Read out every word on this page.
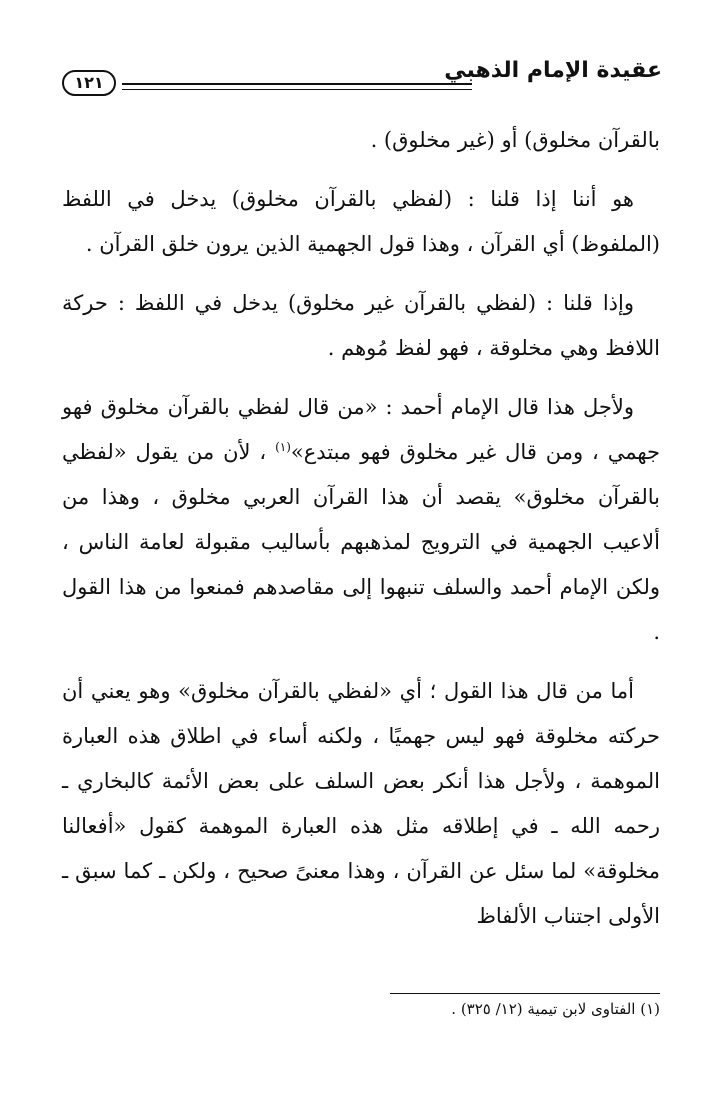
عقيدة الإمام الذهبي
١٢١

بالقرآن مخلوق) أو (غير مخلوق) .

هو أننا إذا قلنا : (لفظي بالقرآن مخلوق) يدخل في اللفظ (الملفوظ) أي القرآن ، وهذا قول الجهمية الذين يرون خلق القرآن .

وإذا قلنا : (لفظي بالقرآن غير مخلوق) يدخل في اللفظ : حركة اللافظ وهي مخلوقة ، فهو لفظ مُوهم .

ولأجل هذا قال الإمام أحمد : «من قال لفظي بالقرآن مخلوق فهو جهمي ، ومن قال غير مخلوق فهو مبتدع»$^{(١)}$ ، لأن من يقول «لفظي بالقرآن مخلوق» يقصد أن هذا القرآن العربي مخلوق ، وهذا من ألاعيب الجهمية في الترويج لمذهبهم بأساليب مقبولة لعامة الناس ، ولكن الإمام أحمد والسلف تنبهوا إلى مقاصدهم فمنعوا من هذا القول .

أما من قال هذا القول ؛ أي «لفظي بالقرآن مخلوق» وهو يعني أن حركته مخلوقة فهو ليس جهميًا ، ولكنه أساء في اطلاق هذه العبارة الموهمة ، ولأجل هذا أنكر بعض السلف على بعض الأئمة كالبخاري ـ رحمه الله ـ في إطلاقه مثل هذه العبارة الموهمة كقول «أفعالنا مخلوقة» لما سئل عن القرآن ، وهذا معنىً صحيح ، ولكن ـ كما سبق ـ الأولى اجتناب الألفاظ

(١) الفتاوى لابن تيمية (١٢/ ٣٢٥) .
